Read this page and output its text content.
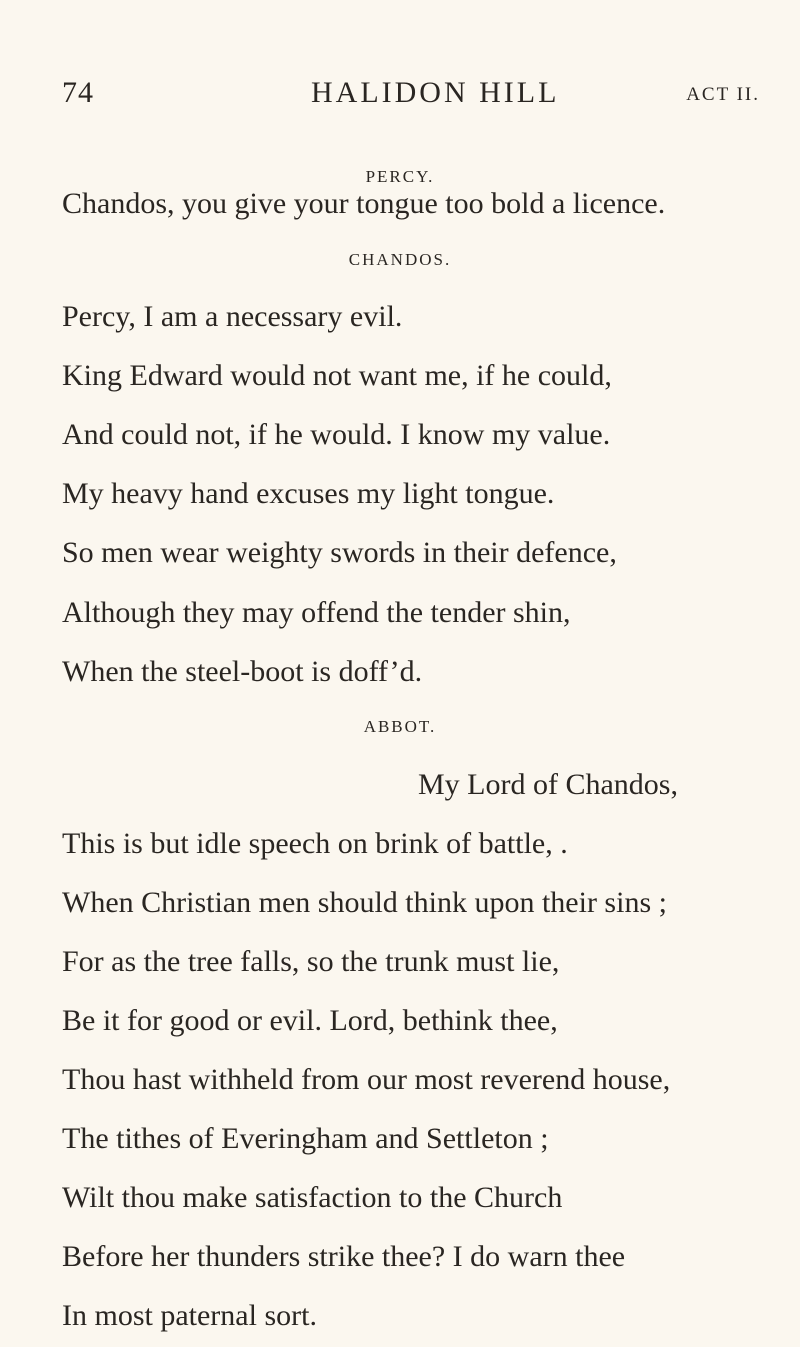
74	HALIDON HILL	ACT II.
PERCY.
Chandos, you give your tongue too bold a licence.
CHANDOS.
Percy, I am a necessary evil.
King Edward would not want me, if he could,
And could not, if he would. I know my value.
My heavy hand excuses my light tongue.
So men wear weighty swords in their defence,
Although they may offend the tender shin,
When the steel-boot is doff’d.
ABBOT.
My Lord of Chandos,
This is but idle speech on brink of battle, .
When Christian men should think upon their sins ;
For as the tree falls, so the trunk must lie,
Be it for good or evil. Lord, bethink thee,
Thou hast withheld from our most reverend house,
The tithes of Everingham and Settleton ;
Wilt thou make satisfaction to the Church
Before her thunders strike thee? I do warn thee
In most paternal sort.
